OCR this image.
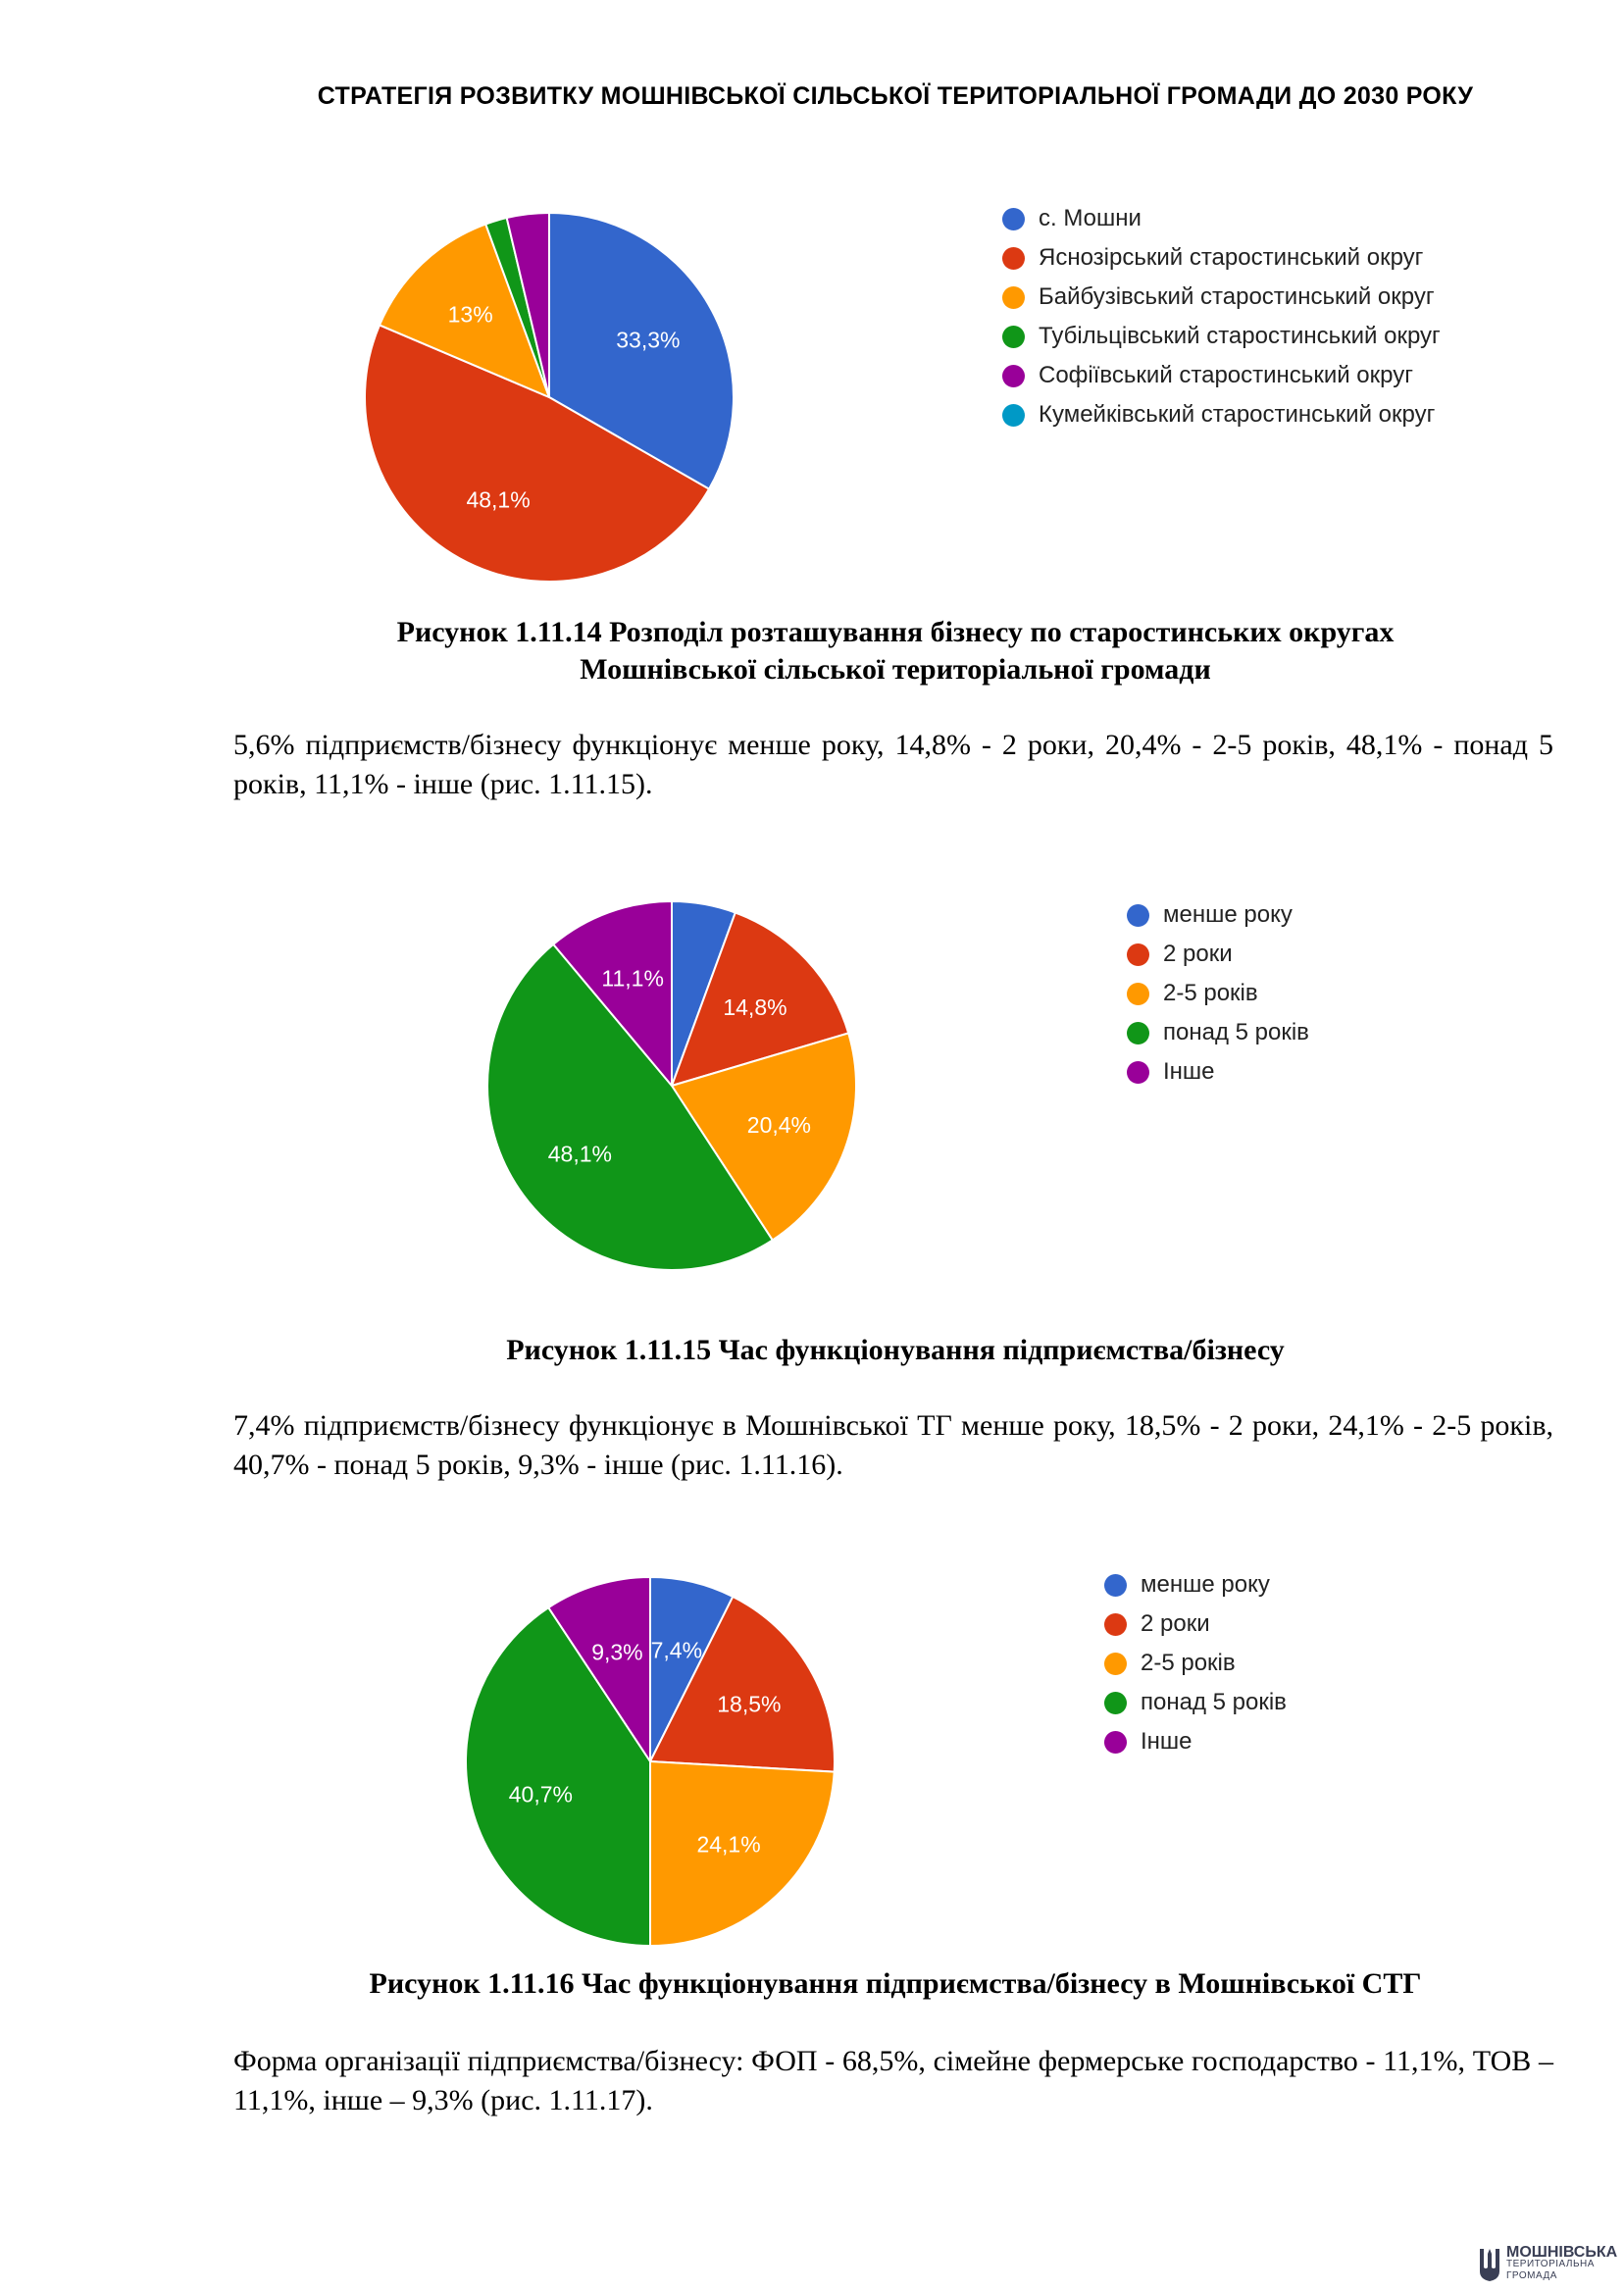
СТРАТЕГІЯ РОЗВИТКУ МОШНІВСЬКОЇ СІЛЬСЬКОЇ ТЕРИТОРІАЛЬНОЇ ГРОМАДИ ДО 2030 РОКУ
33,3%
48,1%
13%
с. Мошни
Яснозірський старостинський округ
Байбузівський старостинський округ
Тубільцівський старостинський округ
Софіївський старостинський округ
Кумейківський старостинський округ
Рисунок 1.11.14 Розподіл розташування бізнесу по старостинських округах
Мошнівської сільської територіальної громади
5,6% підприємств/бізнесу функціонує менше року, 14,8% - 2 роки, 20,4% - 2-5 років, 48,1% - понад 5 років, 11,1% - інше (рис. 1.11.15).
14,8%
20,4%
48,1%
11,1%
менше року
2 роки
2-5 років
понад 5 років
Інше
Рисунок 1.11.15 Час функціонування підприємства/бізнесу
7,4% підприємств/бізнесу функціонує в Мошнівської ТГ менше року, 18,5% - 2 роки, 24,1% - 2-5 років, 40,7% - понад 5 років, 9,3% - інше (рис. 1.11.16).
7,4%
18,5%
24,1%
40,7%
9,3%
менше року
2 роки
2-5 років
понад 5 років
Інше
Рисунок 1.11.16 Час функціонування підприємства/бізнесу в Мошнівської СТГ
Форма організації підприємства/бізнесу: ФОП - 68,5%, сімейне фермерське господарство - 11,1%, ТОВ – 11,1%, інше – 9,3% (рис. 1.11.17).
МОШНІВСЬКА
ТЕРИТОРІАЛЬНА
ГРОМАДА
